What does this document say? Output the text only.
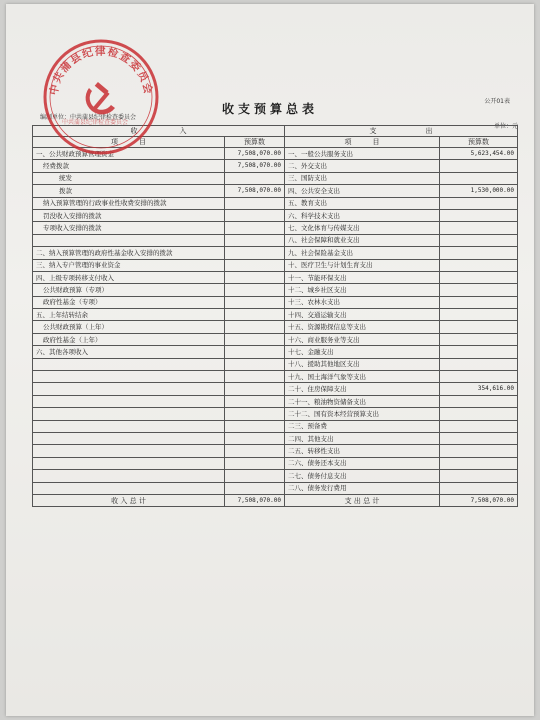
收支预算总表
公开01表
编制单位：中共蒲县纪律检查委员会
单位：元
收　　　　　　入		支　　　　　　　出	
项　　　目	预算数	项　　　目	预算数
一、公共财政预算管理资金	7,508,070.00	一、一般公共服务支出	5,623,454.00
经费拨款	7,508,070.00	二、外交支出	
统发		三、国防支出	
拨款	7,508,070.00	四、公共安全支出	1,530,000.00
纳入预算管理的行政事业性收费安排的拨款		五、教育支出	
罚没收入安排的拨款		六、科学技术支出	
专项收入安排的拨款		七、文化体育与传媒支出	
		八、社会保障和就业支出	
二、纳入预算管理的政府性基金收入安排的拨款		九、社会保险基金支出	
三、纳入专户管理的事业资金		十、医疗卫生与计划生育支出	
四、上级专项转移支付收入		十一、节能环保支出	
公共财政预算（专项）		十二、城乡社区支出	
政府性基金（专项）		十三、农林水支出	
五、上年结转结余		十四、交通运输支出	
公共财政预算（上年）		十五、资源勘探信息等支出	
政府性基金（上年）		十六、商业服务业等支出	
六、其他各项收入		十七、金融支出	
		十八、援助其他地区支出	
		十九、国土海洋气象等支出	
		二十、住房保障支出	354,616.00
		二十一、粮油物资储备支出	
		二十二、国有资本经营预算支出	
		二三、预备费	
		二四、其他支出	
		二五、转移性支出	
		二六、债务还本支出	
		二七、债务付息支出	
		二八、债务发行费用	
收 入 总 计	7,508,070.00	支 出 总 计	7,508,070.00
中共蒲县纪律检查委员会
中共蒲县纪律检查委员会
